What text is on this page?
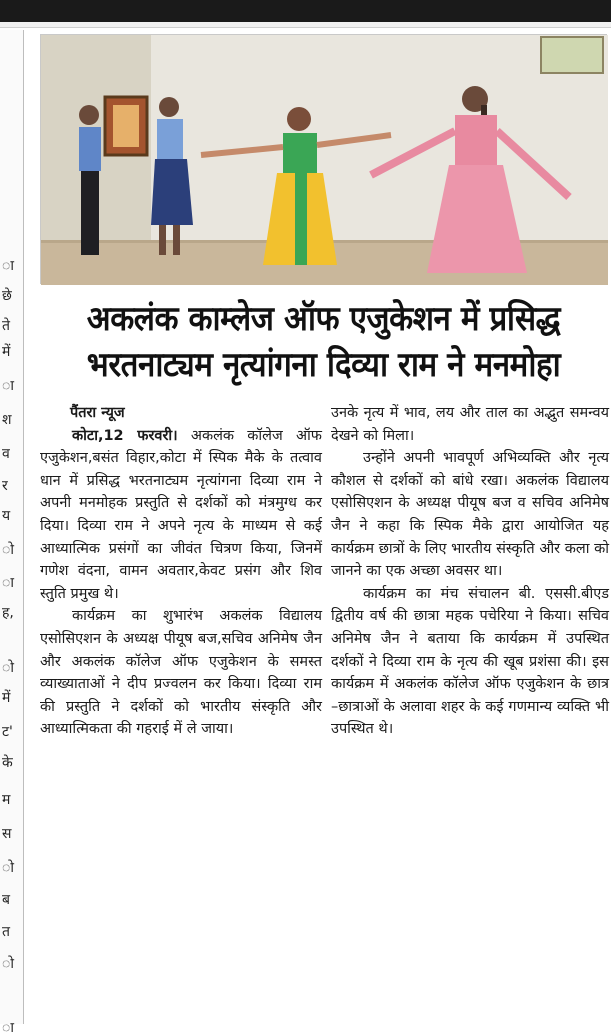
ा
छे
ते
में
ा
श
व
र
य
ो
ा
ह,
ो
में
ट'
के
म
स
ो
ब
त
ो
ा
अकलंक काम्लेज ऑफ एजुकेशन में प्रसिद्ध
भरतनाट्यम नृत्यांगना दिव्या राम ने मनमोहा

पैंतरा न्यूज

कोटा,12 फरवरी। अकलंक कॉलेज ऑफ एजुकेशन,बसंत विहार,कोटा में स्पिक मैके के तत्वाव धान में प्रसिद्ध भरतनाट्यम नृत्यांगना दिव्या राम ने अपनी मनमोहक प्रस्तुति से दर्शकों को मंत्रमुग्ध कर दिया। दिव्या राम ने अपने नृत्य के माध्यम से कई आध्यात्मिक प्रसंगों का जीवंत चित्रण किया, जिनमें गणेश वंदना, वामन अवतार,केवट प्रसंग और शिव स्तुति प्रमुख थे।

कार्यक्रम का शुभारंभ अकलंक विद्यालय एसोसिएशन के अध्यक्ष पीयूष बज,सचिव अनिमेष जैन और अकलंक कॉलेज ऑफ एजुकेशन के समस्त व्याख्याताओं ने दीप प्रज्वलन कर किया। दिव्या राम की प्रस्तुति ने दर्शकों को भारतीय संस्कृति और आध्यात्मिकता की गहराई में ले जाया।

उनके नृत्य में भाव, लय और ताल का अद्भुत समन्वय देखने को मिला।

उन्होंने अपनी भावपूर्ण अभिव्यक्ति और नृत्य कौशल से दर्शकों को बांधे रखा। अकलंक विद्यालय एसोसिएशन के अध्यक्ष पीयूष बज व सचिव अनिमेष जैन ने कहा कि स्पिक मैके द्वारा आयोजित यह कार्यक्रम छात्रों के लिए भारतीय संस्कृति और कला को जानने का एक अच्छा अवसर था।

कार्यक्रम का मंच संचालन बी. एससी.बीएड द्वितीय वर्ष की छात्रा महक पचेरिया ने किया। सचिव अनिमेष जैन ने बताया कि कार्यक्रम में उपस्थित दर्शकों ने दिव्या राम के नृत्य की खूब प्रशंसा की। इस कार्यक्रम में अकलंक कॉलेज ऑफ एजुकेशन के छात्र –छात्राओं के अलावा शहर के कई गणमान्य व्यक्ति भी उपस्थित थे।
